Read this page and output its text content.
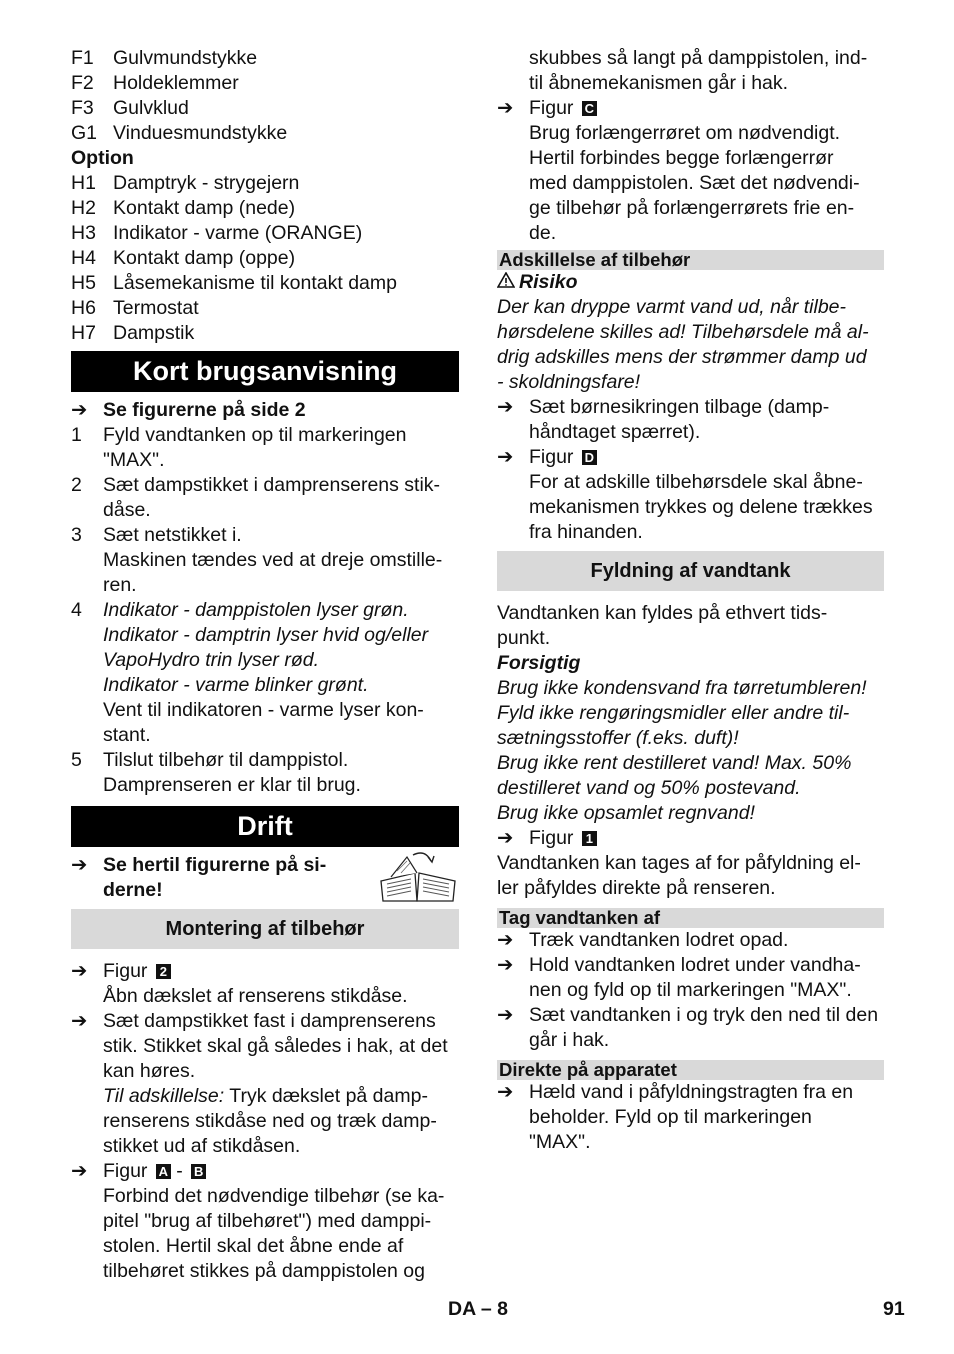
F1 Gulvmundstykke
F2 Holdeklemmer
F3 Gulvklud
G1 Vinduesmundstykke
Option
H1 Damptryk - strygejern
H2 Kontakt damp (nede)
H3 Indikator - varme (ORANGE)
H4 Kontakt damp (oppe)
H5 Låsemekanisme til kontakt damp
H6 Termostat
H7 Dampstik
Kort brugsanvisning
➔ Se figurerne på side 2
1	Fyld vandtanken op til markeringen
"MAX".
2	Sæt dampstikket i damprenserens stik-
dåse.
3	Sæt netstikket i.
Maskinen tændes ved at dreje omstille-
ren.
4	Indikator - damppistolen lyser grøn.
Indikator - damptrin lyser hvid og/eller
VapoHydro trin lyser rød.
Indikator - varme blinker grønt.
Vent til indikatoren - varme lyser kon-
stant.
5	Tilslut tilbehør til damppistol.
Damprenseren er klar til brug.
Drift
➔ Se hertil figurerne på si-
derne!
Montering af tilbehør
➔ Figur 2
Åbn dækslet af renserens stikdåse.
➔ Sæt dampstikket fast i damprenserens
stik. Stikket skal gå således i hak, at det
kan høres.
Til adskillelse: Tryk dækslet på damp-
renserens stikdåse ned og træk damp-
stikket ud af stikdåsen.
➔ Figur A - B
Forbind det nødvendige tilbehør (se ka-
pitel "brug af tilbehøret") med damppi-
stolen. Hertil skal det åbne ende af
tilbehøret stikkes på damppistolen og
skubbes så langt på damppistolen, ind-
til åbnemekanismen går i hak.
➔ Figur C
Brug forlængerrøret om nødvendigt.
Hertil forbindes begge forlængerrør
med damppistolen. Sæt det nødvendi-
ge tilbehør på forlængerrørets frie en-
de.
Adskillelse af tilbehør
Risiko
Der kan dryppe varmt vand ud, når tilbe-
hørsdelene skilles ad! Tilbehørsdele må al-
drig adskilles mens der strømmer damp ud
- skoldningsfare!
➔ Sæt børnesikringen tilbage (damp-
håndtaget spærret).
➔ Figur D
For at adskille tilbehørsdele skal åbne-
mekanismen trykkes og delene trækkes
fra hinanden.
Fyldning af vandtank
Vandtanken kan fyldes på ethvert tids-
punkt.
Forsigtig
Brug ikke kondensvand fra tørretumbleren!
Fyld ikke rengøringsmidler eller andre til-
sætningsstoffer (f.eks. duft)!
Brug ikke rent destilleret vand! Max. 50%
destilleret vand og 50% postevand.
Brug ikke opsamlet regnvand!
➔ Figur 1
Vandtanken kan tages af for påfyldning el-
ler påfyldes direkte på renseren.
Tag vandtanken af
➔ Træk vandtanken lodret opad.
➔ Hold vandtanken lodret under vandha-
nen og fyld op til markeringen "MAX".
➔ Sæt vandtanken i og tryk den ned til den
går i hak.
Direkte på apparatet
➔ Hæld vand i påfyldningstragten fra en
beholder. Fyld op til markeringen
"MAX".
DA – 8	91
